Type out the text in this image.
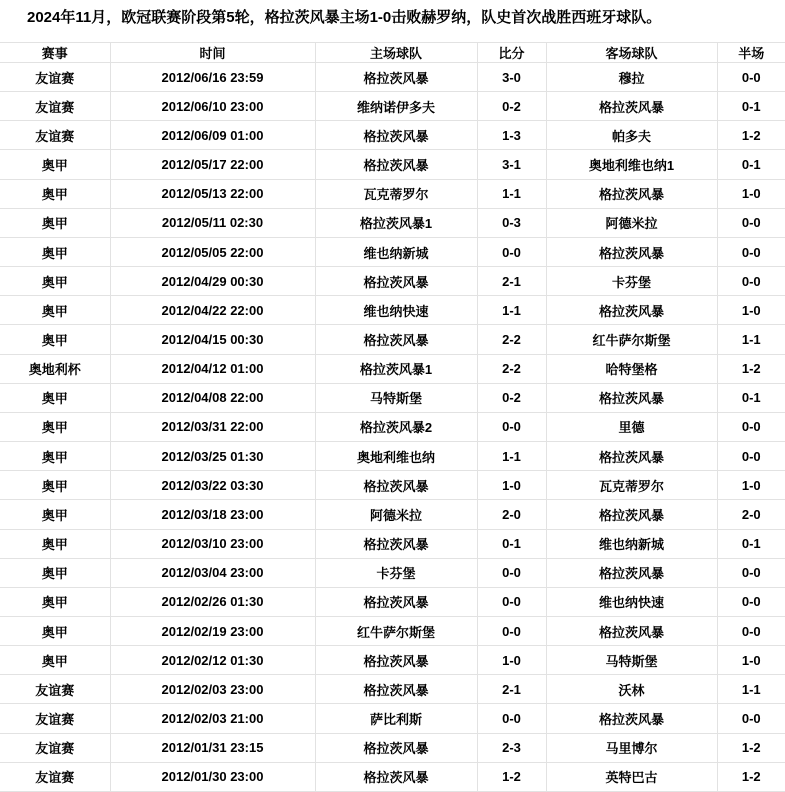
2024年11月，欧冠联赛阶段第5轮，格拉茨风暴主场1-0击败赫罗纳，队史首次战胜西班牙球队。
赛事	时间	主场球队	比分	客场球队	半场
友谊赛	2012/06/16 23:59	格拉茨风暴	3-0	穆拉	0-0
友谊赛	2012/06/10 23:00	维纳诺伊多夫	0-2	格拉茨风暴	0-1
友谊赛	2012/06/09 01:00	格拉茨风暴	1-3	帕多夫	1-2
奥甲	2012/05/17 22:00	格拉茨风暴	3-1	奥地利维也纳1	0-1
奥甲	2012/05/13 22:00	瓦克蒂罗尔	1-1	格拉茨风暴	1-0
奥甲	2012/05/11 02:30	格拉茨风暴1	0-3	阿德米拉	0-0
奥甲	2012/05/05 22:00	维也纳新城	0-0	格拉茨风暴	0-0
奥甲	2012/04/29 00:30	格拉茨风暴	2-1	卡芬堡	0-0
奥甲	2012/04/22 22:00	维也纳快速	1-1	格拉茨风暴	1-0
奥甲	2012/04/15 00:30	格拉茨风暴	2-2	红牛萨尔斯堡	1-1
奥地利杯	2012/04/12 01:00	格拉茨风暴1	2-2	哈特堡格	1-2
奥甲	2012/04/08 22:00	马特斯堡	0-2	格拉茨风暴	0-1
奥甲	2012/03/31 22:00	格拉茨风暴2	0-0	里德	0-0
奥甲	2012/03/25 01:30	奥地利维也纳	1-1	格拉茨风暴	0-0
奥甲	2012/03/22 03:30	格拉茨风暴	1-0	瓦克蒂罗尔	1-0
奥甲	2012/03/18 23:00	阿德米拉	2-0	格拉茨风暴	2-0
奥甲	2012/03/10 23:00	格拉茨风暴	0-1	维也纳新城	0-1
奥甲	2012/03/04 23:00	卡芬堡	0-0	格拉茨风暴	0-0
奥甲	2012/02/26 01:30	格拉茨风暴	0-0	维也纳快速	0-0
奥甲	2012/02/19 23:00	红牛萨尔斯堡	0-0	格拉茨风暴	0-0
奥甲	2012/02/12 01:30	格拉茨风暴	1-0	马特斯堡	1-0
友谊赛	2012/02/03 23:00	格拉茨风暴	2-1	沃林	1-1
友谊赛	2012/02/03 21:00	萨比利斯	0-0	格拉茨风暴	0-0
友谊赛	2012/01/31 23:15	格拉茨风暴	2-3	马里博尔	1-2
友谊赛	2012/01/30 23:00	格拉茨风暴	1-2	英特巴古	1-2
